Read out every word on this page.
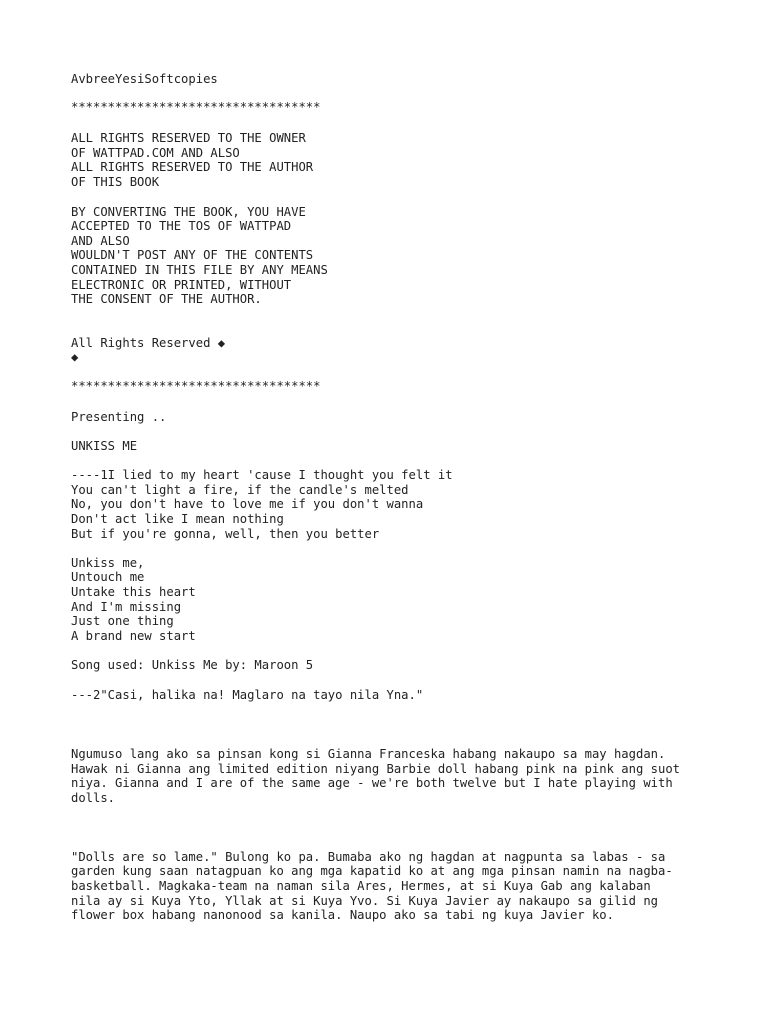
AvbreeYesiSoftcopies

**********************************

ALL RIGHTS RESERVED TO THE OWNER

OF WATTPAD.COM AND ALSO

ALL RIGHTS RESERVED TO THE AUTHOR

OF THIS BOOK

BY CONVERTING THE BOOK, YOU HAVE

ACCEPTED TO THE TOS OF WATTPAD

AND ALSO

WOULDN'T POST ANY OF THE CONTENTS

CONTAINED IN THIS FILE BY ANY MEANS

ELECTRONIC OR PRINTED, WITHOUT

THE CONSENT OF THE AUTHOR.

All Rights Reserved ◆

◆

**********************************

Presenting ..

UNKISS ME

----1I lied to my heart 'cause I thought you felt it

You can't light a fire, if the candle's melted

No, you don't have to love me if you don't wanna

Don't act like I mean nothing

But if you're gonna, well, then you better

Unkiss me,

Untouch me

Untake this heart

And I'm missing

Just one thing

A brand new start

Song used: Unkiss Me by: Maroon 5

---2"Casi, halika na! Maglaro na tayo nila Yna."

Ngumuso lang ako sa pinsan kong si Gianna Franceska habang nakaupo sa may hagdan.

Hawak ni Gianna ang limited edition niyang Barbie doll habang pink na pink ang suot

niya. Gianna and I are of the same age - we're both twelve but I hate playing with

dolls.

"Dolls are so lame." Bulong ko pa. Bumaba ako ng hagdan at nagpunta sa labas - sa

garden kung saan natagpuan ko ang mga kapatid ko at ang mga pinsan namin na nagba-

basketball. Magkaka-team na naman sila Ares, Hermes, at si Kuya Gab ang kalaban

nila ay si Kuya Yto, Yllak at si Kuya Yvo. Si Kuya Javier ay nakaupo sa gilid ng

flower box habang nanonood sa kanila. Naupo ako sa tabi ng kuya Javier ko.
